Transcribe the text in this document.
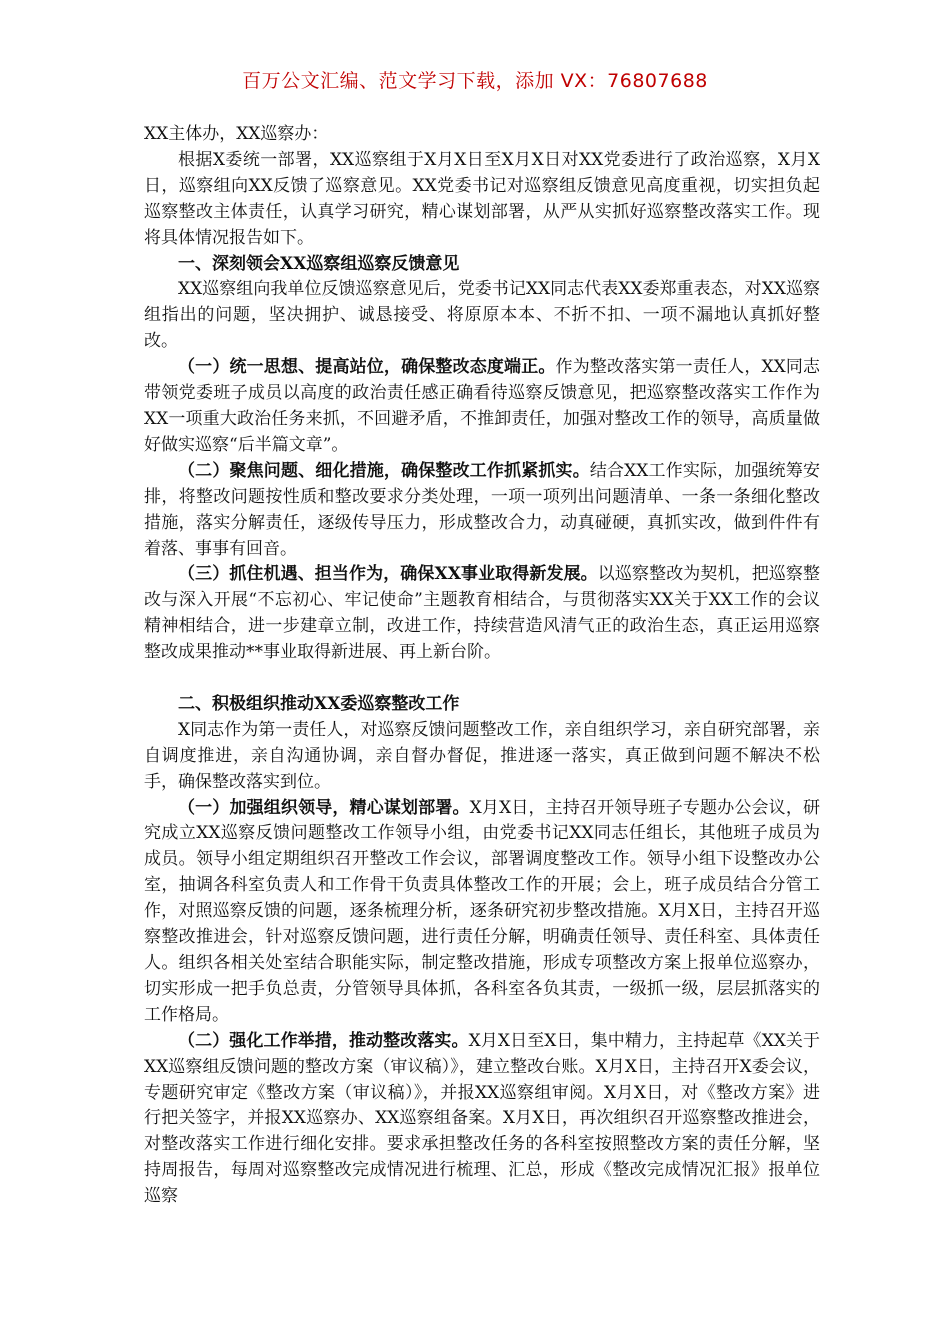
百万公文汇编、范文学习下载，添加 VX：76807688

XX主体办，XX巡察办：

根据X委统一部署，XX巡察组于X月X日至X月X日对XX党委进行了政治巡察，X月X日，巡察组向XX反馈了巡察意见。XX党委书记对巡察组反馈意见高度重视，切实担负起巡察整改主体责任，认真学习研究，精心谋划部署，从严从实抓好巡察整改落实工作。现将具体情况报告如下。

一、深刻领会XX巡察组巡察反馈意见

XX巡察组向我单位反馈巡察意见后，党委书记XX同志代表XX委郑重表态，对XX巡察组指出的问题，坚决拥护、诚恳接受、将原原本本、不折不扣、一项不漏地认真抓好整改。

（一）统一思想、提高站位，确保整改态度端正。作为整改落实第一责任人，XX同志带领党委班子成员以高度的政治责任感正确看待巡察反馈意见，把巡察整改落实工作作为XX一项重大政治任务来抓，不回避矛盾，不推卸责任，加强对整改工作的领导，高质量做好做实巡察“后半篇文章”。

（二）聚焦问题、细化措施，确保整改工作抓紧抓实。结合XX工作实际，加强统筹安排，将整改问题按性质和整改要求分类处理，一项一项列出问题清单、一条一条细化整改措施，落实分解责任，逐级传导压力，形成整改合力，动真碰硬，真抓实改，做到件件有着落、事事有回音。

（三）抓住机遇、担当作为，确保XX事业取得新发展。以巡察整改为契机，把巡察整改与深入开展“不忘初心、牢记使命”主题教育相结合，与贯彻落实XX关于XX工作的会议精神相结合，进一步建章立制，改进工作，持续营造风清气正的政治生态，真正运用巡察整改成果推动**事业取得新进展、再上新台阶。

二、积极组织推动XX委巡察整改工作

X同志作为第一责任人，对巡察反馈问题整改工作，亲自组织学习，亲自研究部署，亲自调度推进，亲自沟通协调，亲自督办督促，推进逐一落实，真正做到问题不解决不松手，确保整改落实到位。

（一）加强组织领导，精心谋划部署。X月X日，主持召开领导班子专题办公会议，研究成立XX巡察反馈问题整改工作领导小组，由党委书记XX同志任组长，其他班子成员为成员。领导小组定期组织召开整改工作会议，部署调度整改工作。领导小组下设整改办公室，抽调各科室负责人和工作骨干负责具体整改工作的开展；会上，班子成员结合分管工作，对照巡察反馈的问题，逐条梳理分析，逐条研究初步整改措施。X月X日，主持召开巡察整改推进会，针对巡察反馈问题，进行责任分解，明确责任领导、责任科室、具体责任人。组织各相关处室结合职能实际，制定整改措施，形成专项整改方案上报单位巡察办，切实形成一把手负总责，分管领导具体抓，各科室各负其责，一级抓一级，层层抓落实的工作格局。

（二）强化工作举措，推动整改落实。X月X日至X日，集中精力，主持起草《XX关于XX巡察组反馈问题的整改方案（审议稿）》，建立整改台账。X月X日，主持召开X委会议，专题研究审定《整改方案（审议稿）》，并报XX巡察组审阅。X月X日，对《整改方案》进行把关签字，并报XX巡察办、XX巡察组备案。X月X日，再次组织召开巡察整改推进会，对整改落实工作进行细化安排。要求承担整改任务的各科室按照整改方案的责任分解，坚持周报告，每周对巡察整改完成情况进行梳理、汇总，形成《整改完成情况汇报》报单位巡察
